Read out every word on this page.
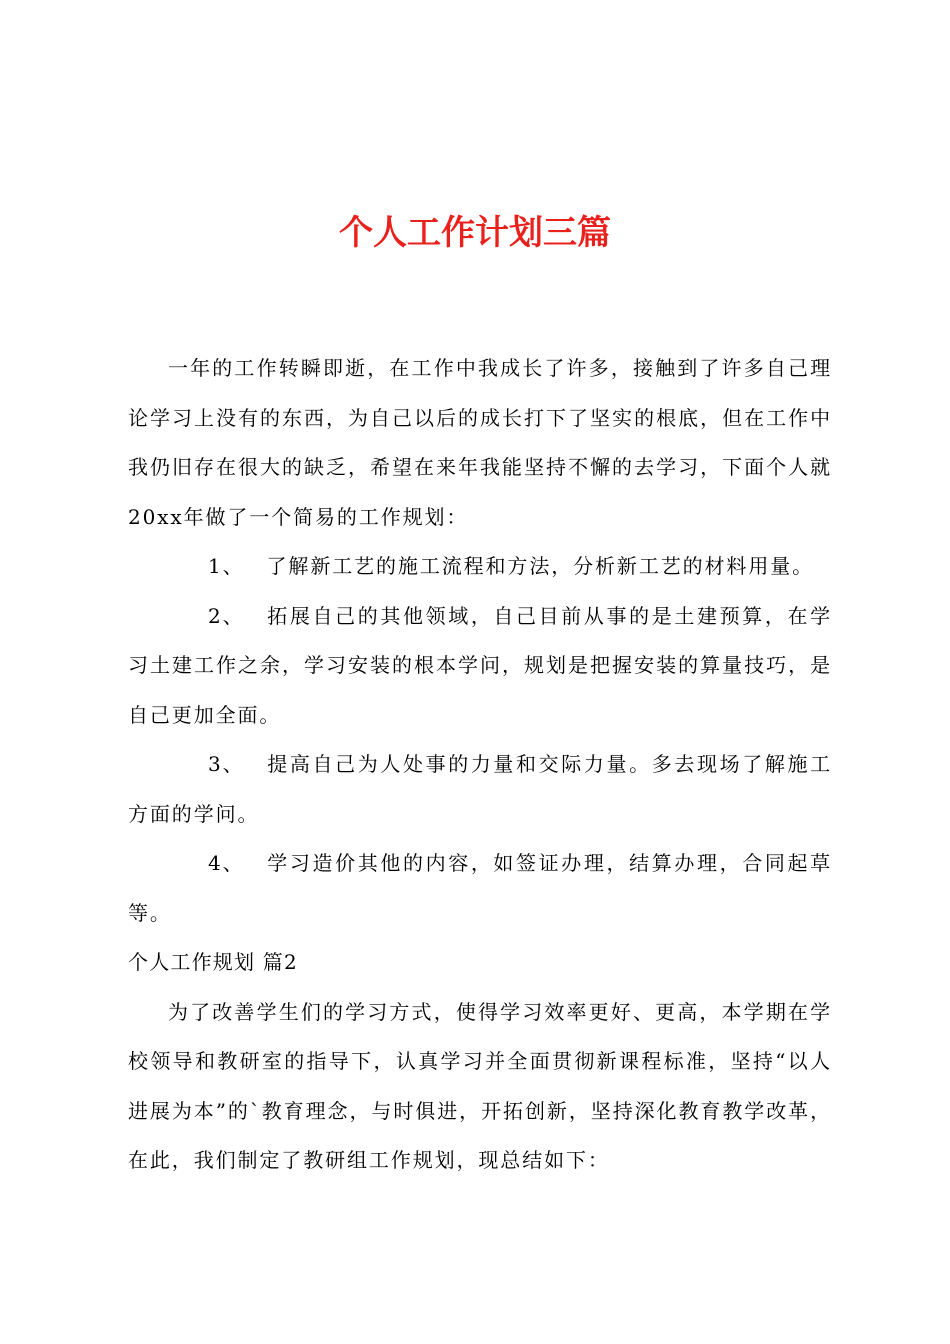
个人工作计划三篇

一年的工作转瞬即逝，在工作中我成长了许多，接触到了许多自己理论学习上没有的东西，为自己以后的成长打下了坚实的根底，但在工作中我仍旧存在很大的缺乏，希望在来年我能坚持不懈的去学习，下面个人就20xx年做了一个简易的工作规划：

1、 了解新工艺的施工流程和方法，分析新工艺的材料用量。

2、 拓展自己的其他领域，自己目前从事的是土建预算，在学习土建工作之余，学习安装的根本学问，规划是把握安装的算量技巧，是自己更加全面。

3、 提高自己为人处事的力量和交际力量。多去现场了解施工方面的学问。

4、 学习造价其他的内容，如签证办理，结算办理，合同起草等。

个人工作规划 篇2

为了改善学生们的学习方式，使得学习效率更好、更高，本学期在学校领导和教研室的指导下，认真学习并全面贯彻新课程标准，坚持“以人进展为本”的`教育理念，与时俱进，开拓创新，坚持深化教育教学改革，在此，我们制定了教研组工作规划，现总结如下：
